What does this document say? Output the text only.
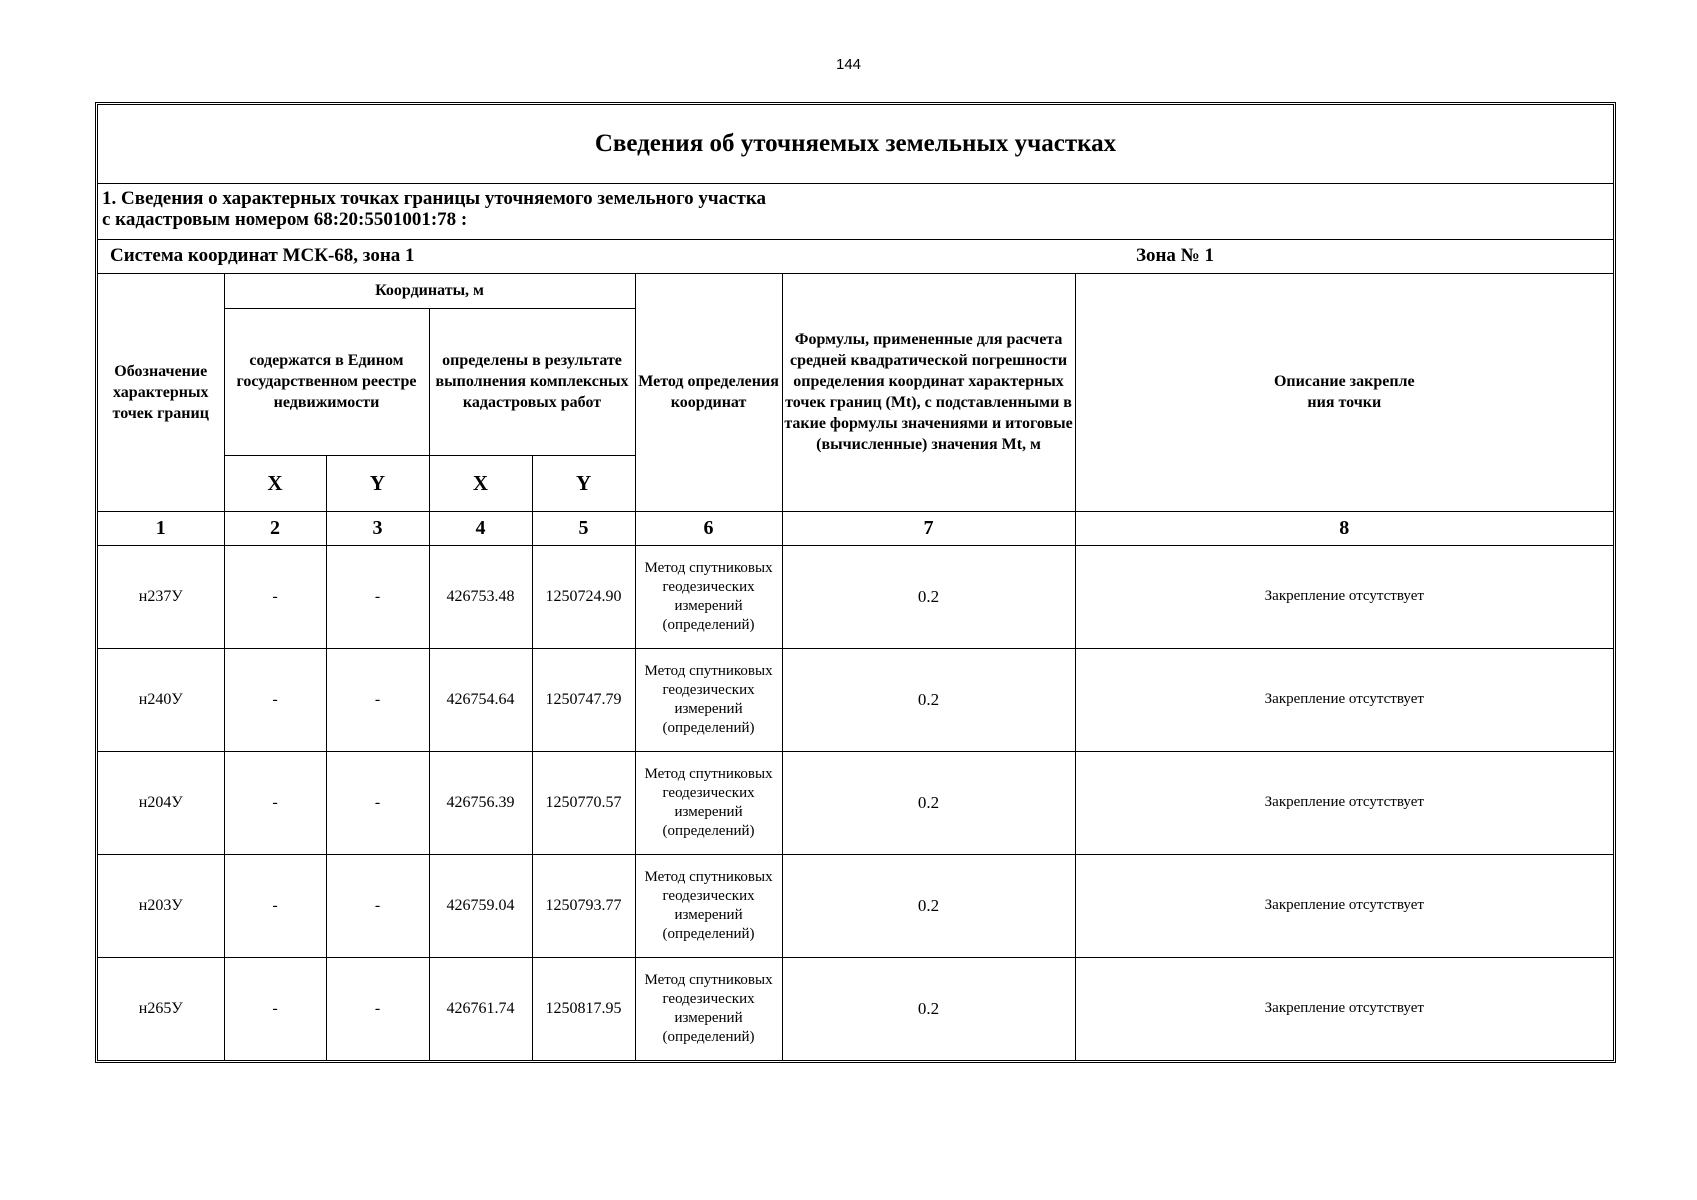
144
Сведения об уточняемых земельных участках
1. Сведения о характерных точках границы уточняемого земельного участка
с кадастровым номером 68:20:5501001:78 :
Система координат МСК-68, зона 1	Зона № 1
Обозначение характерных точек границ	Координаты, м				Метод определения координат	Формулы, примененные для расчета средней квадратической погрешности определения координат характерных точек границ (Mt), с подставленными в такие формулы значениями и итоговые (вычисленные) значения Mt, м	Описание закрепле
ния точки

	содержатся в Едином государственном реестре недвижимости		определены в результате выполнения комплексных кадастровых работ				
	X	Y	X	Y			
1	2	3	4	5	6	7	8
н237У	-	-	426753.48	1250724.90	Метод спутниковых геодезических измерений (определений)	0.2	Закрепление отсутствует
н240У	-	-	426754.64	1250747.79	Метод спутниковых геодезических измерений (определений)	0.2	Закрепление отсутствует
н204У	-	-	426756.39	1250770.57	Метод спутниковых геодезических измерений (определений)	0.2	Закрепление отсутствует
н203У	-	-	426759.04	1250793.77	Метод спутниковых геодезических измерений (определений)	0.2	Закрепление отсутствует
н265У	-	-	426761.74	1250817.95	Метод спутниковых геодезических измерений (определений)	0.2	Закрепление отсутствует
